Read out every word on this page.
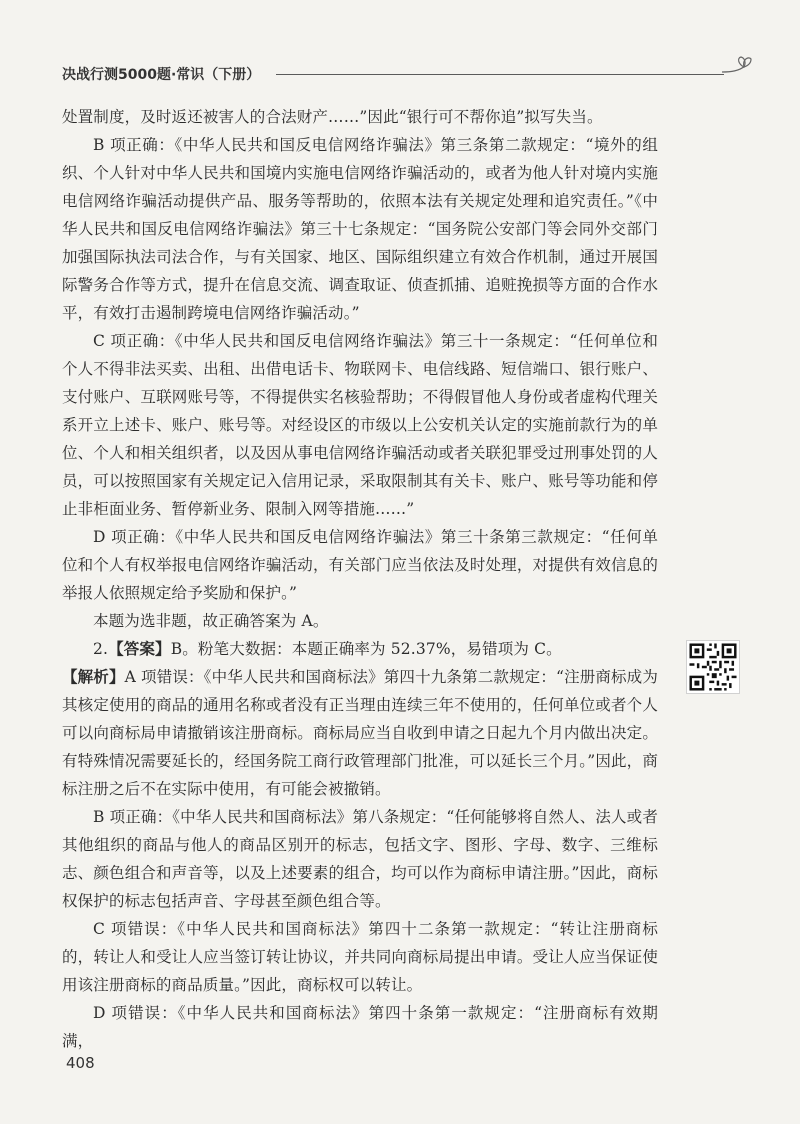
决战行测5000题·常识（下册）

处置制度，及时返还被害人的合法财产……”因此“银行可不帮你追”拟写失当。

B 项正确：《中华人民共和国反电信网络诈骗法》第三条第二款规定：“境外的组织、个人针对中华人民共和国境内实施电信网络诈骗活动的，或者为他人针对境内实施电信网络诈骗活动提供产品、服务等帮助的，依照本法有关规定处理和追究责任。”《中华人民共和国反电信网络诈骗法》第三十七条规定：“国务院公安部门等会同外交部门加强国际执法司法合作，与有关国家、地区、国际组织建立有效合作机制，通过开展国际警务合作等方式，提升在信息交流、调查取证、侦查抓捕、追赃挽损等方面的合作水平，有效打击遏制跨境电信网络诈骗活动。”

C 项正确：《中华人民共和国反电信网络诈骗法》第三十一条规定：“任何单位和个人不得非法买卖、出租、出借电话卡、物联网卡、电信线路、短信端口、银行账户、支付账户、互联网账号等，不得提供实名核验帮助；不得假冒他人身份或者虚构代理关系开立上述卡、账户、账号等。对经设区的市级以上公安机关认定的实施前款行为的单位、个人和相关组织者，以及因从事电信网络诈骗活动或者关联犯罪受过刑事处罚的人员，可以按照国家有关规定记入信用记录，采取限制其有关卡、账户、账号等功能和停止非柜面业务、暂停新业务、限制入网等措施……”

D 项正确：《中华人民共和国反电信网络诈骗法》第三十条第三款规定：“任何单位和个人有权举报电信网络诈骗活动，有关部门应当依法及时处理，对提供有效信息的举报人依照规定给予奖励和保护。”

本题为选非题，故正确答案为 A。

2.【答案】B。粉笔大数据：本题正确率为 52.37%，易错项为 C。

【解析】A 项错误：《中华人民共和国商标法》第四十九条第二款规定：“注册商标成为其核定使用的商品的通用名称或者没有正当理由连续三年不使用的，任何单位或者个人可以向商标局申请撤销该注册商标。商标局应当自收到申请之日起九个月内做出决定。有特殊情况需要延长的，经国务院工商行政管理部门批准，可以延长三个月。”因此，商标注册之后不在实际中使用，有可能会被撤销。

B 项正确：《中华人民共和国商标法》第八条规定：“任何能够将自然人、法人或者其他组织的商品与他人的商品区别开的标志，包括文字、图形、字母、数字、三维标志、颜色组合和声音等，以及上述要素的组合，均可以作为商标申请注册。”因此，商标权保护的标志包括声音、字母甚至颜色组合等。

C 项错误：《中华人民共和国商标法》第四十二条第一款规定：“转让注册商标的，转让人和受让人应当签订转让协议，并共同向商标局提出申请。受让人应当保证使用该注册商标的商品质量。”因此，商标权可以转让。

D 项错误：《中华人民共和国商标法》第四十条第一款规定：“注册商标有效期满，

408
